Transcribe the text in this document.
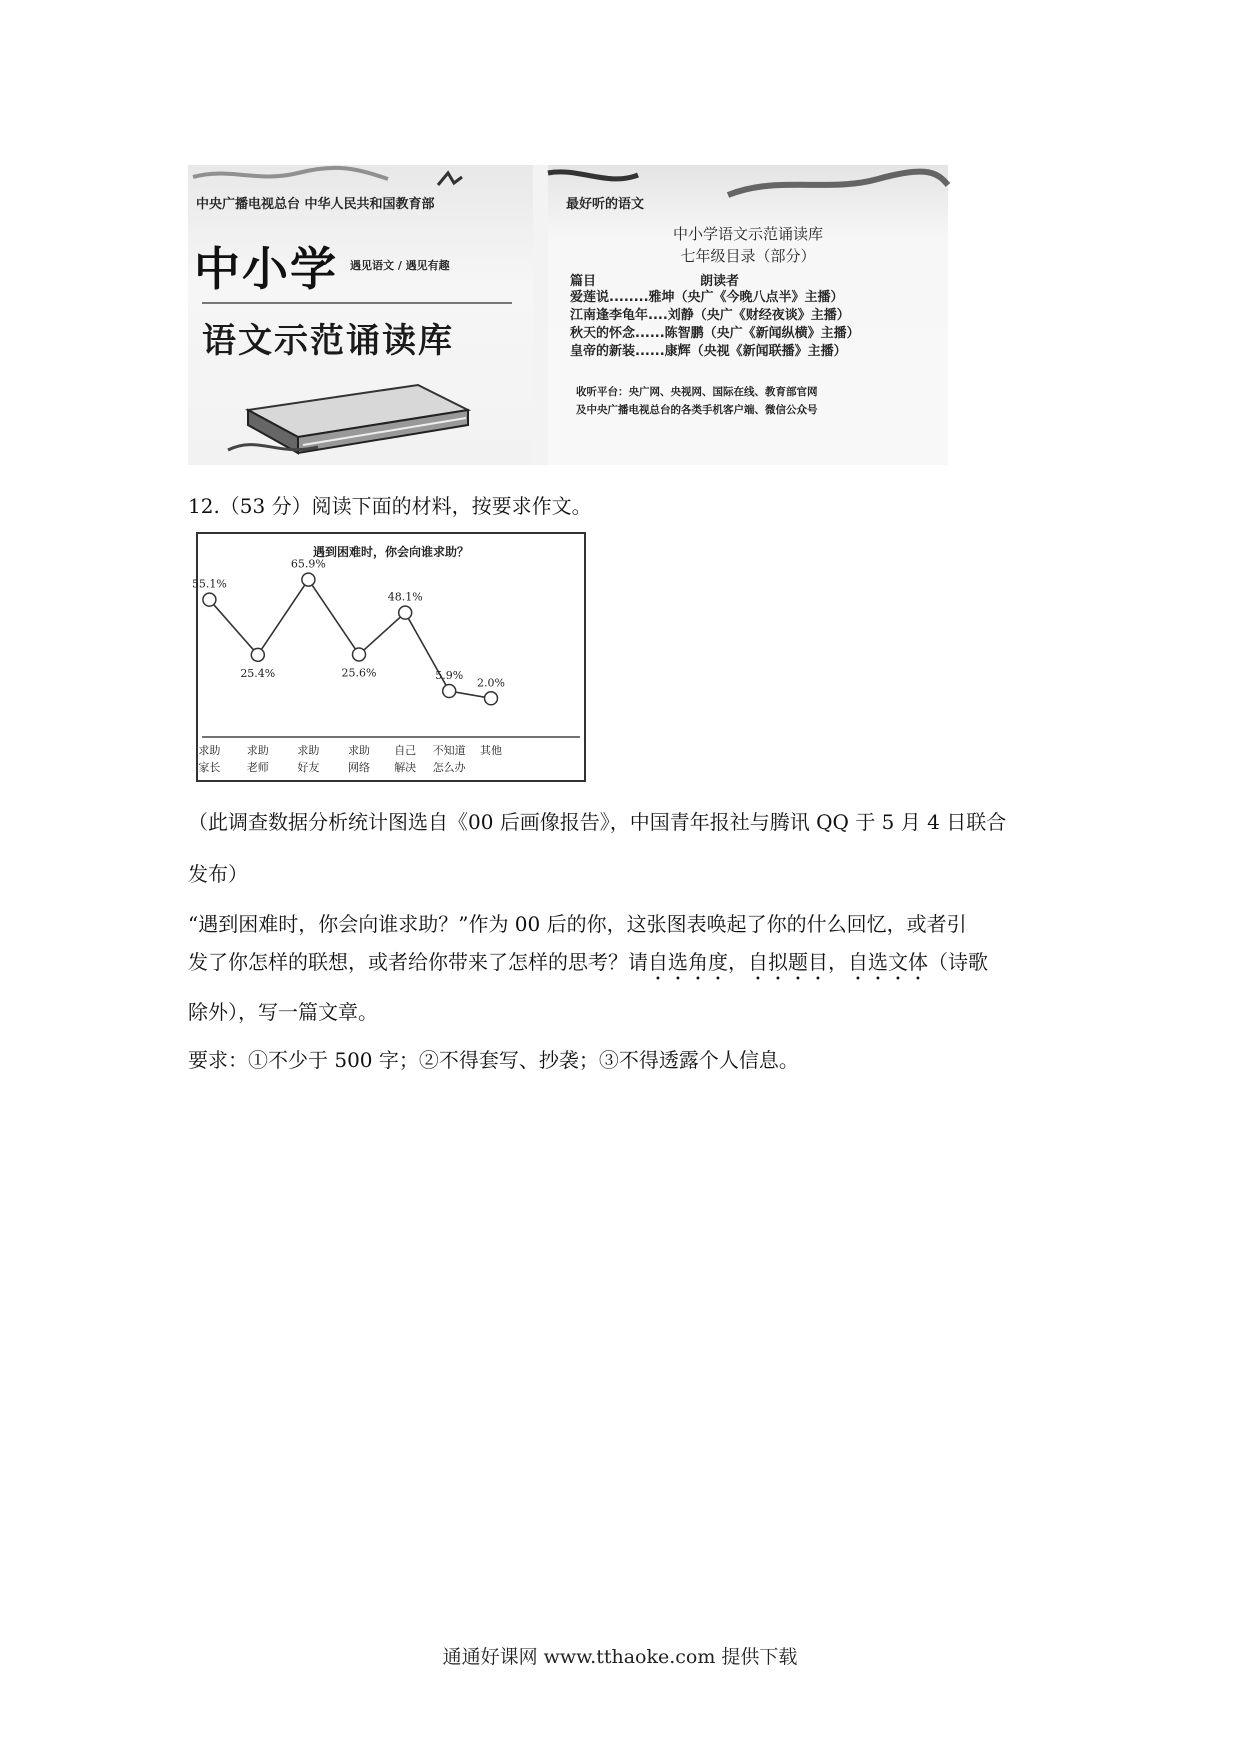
中央广播电视总台 中华人民共和国教育部
中小学 遇见语文 / 遇见有趣
语文示范诵读库
最好听的语文
中小学语文示范诵读库
七年级目录（部分）
篇目	朗读者
爱莲说........雅坤（央广《今晚八点半》主播）
江南逢李龟年....刘静（央广《财经夜谈》主播）
秋天的怀念......陈智鹏（央广《新闻纵横》主播）
皇帝的新装......康辉（央视《新闻联播》主播）
收听平台：央广网、央视网、国际在线、教育部官网
及中央广播电视总台的各类手机客户端、微信公众号
12.（53 分）阅读下面的材料，按要求作文。
遇到困难时，你会向谁求助？
55.1%
求助
家长
25.4%
求助
老师
65.9%
求助
好友
25.6%
求助
网络
48.1%
自己
解决
5.9%
不知道
怎么办
2.0%
其他
（此调查数据分析统计图选自《00 后画像报告》，中国青年报社与腾讯 QQ 于 5 月 4 日联合
发布）
“遇到困难时，你会向谁求助？”作为 00 后的你，这张图表唤起了你的什么回忆，或者引
发了你怎样的联想，或者给你带来了怎样的思考？请自选角度，自拟题目，自选文体（诗歌
除外），写一篇文章。
要求：①不少于 500 字；②不得套写、抄袭；③不得透露个人信息。
通通好课网 www.tthaoke.com 提供下载
